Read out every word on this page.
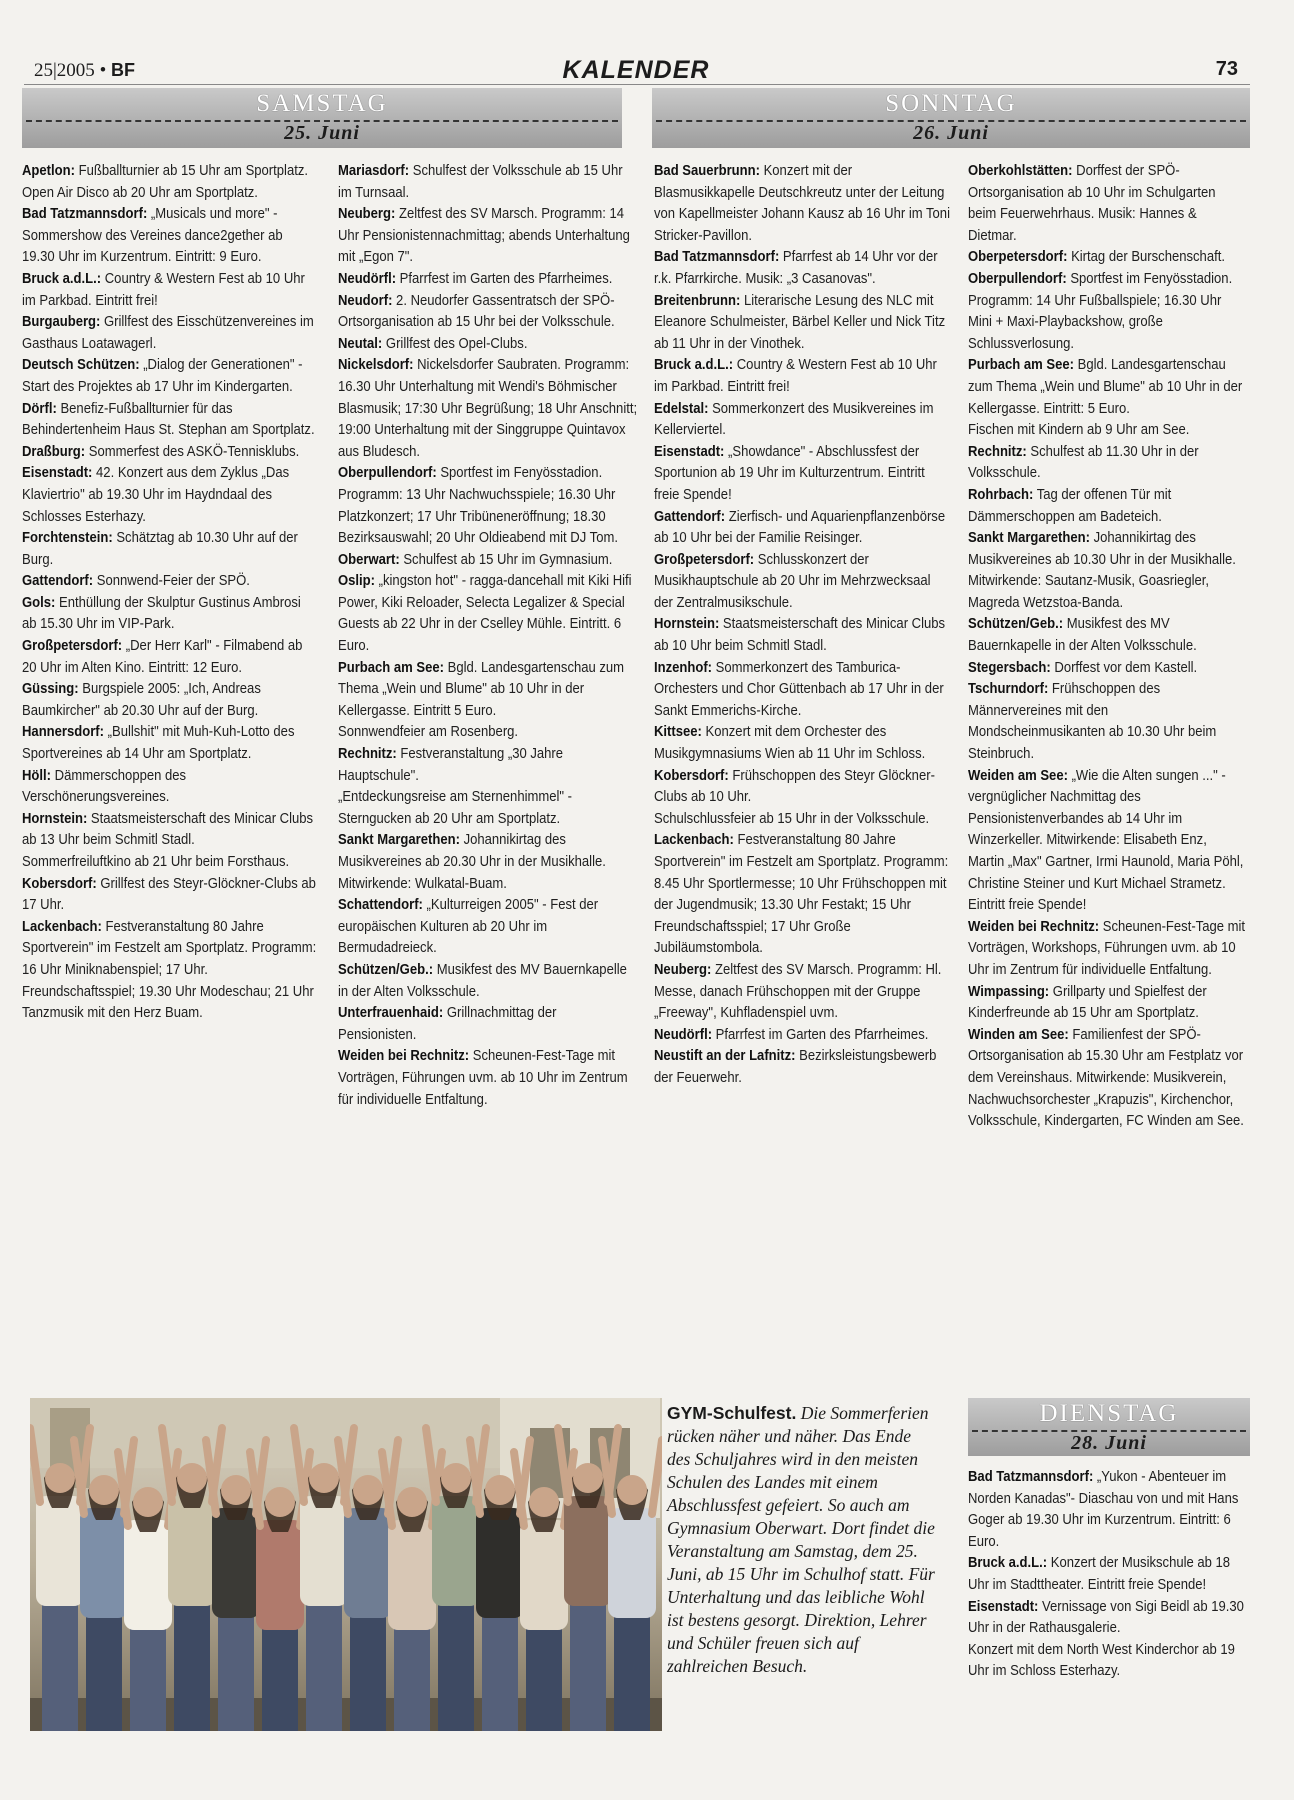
25|2005 • BF	KALENDER	73
SAMSTAG
25. Juni
SONNTAG
26. Juni

Apetlon: Fußballturnier ab 15 Uhr am Sportplatz.

Open Air Disco ab 20 Uhr am Sportplatz.

Bad Tatzmannsdorf: „Musicals und more" - Sommershow des Vereines dance2gether ab 19.30 Uhr im Kurzentrum. Eintritt: 9 Euro.

Bruck a.d.L.: Country & Western Fest ab 10 Uhr im Parkbad. Eintritt frei!

Burgauberg: Grillfest des Eisschützenvereines im Gasthaus Loatawagerl.

Deutsch Schützen: „Dialog der Generationen" - Start des Projektes ab 17 Uhr im Kindergarten.

Dörfl: Benefiz-Fußballturnier für das Behindertenheim Haus St. Stephan am Sportplatz.

Draßburg: Sommerfest des ASKÖ-Tennisklubs.

Eisenstadt: 42. Konzert aus dem Zyklus „Das Klaviertrio" ab 19.30 Uhr im Haydndaal des Schlosses Esterhazy.

Forchtenstein: Schätztag ab 10.30 Uhr auf der Burg.

Gattendorf: Sonnwend-Feier der SPÖ.

Gols: Enthüllung der Skulptur Gustinus Ambrosi ab 15.30 Uhr im VIP-Park.

Großpetersdorf: „Der Herr Karl" - Filmabend ab 20 Uhr im Alten Kino. Eintritt: 12 Euro.

Güssing: Burgspiele 2005: „Ich, Andreas Baumkircher" ab 20.30 Uhr auf der Burg.

Hannersdorf: „Bullshit" mit Muh-Kuh-Lotto des Sportvereines ab 14 Uhr am Sportplatz.

Höll: Dämmerschoppen des Verschönerungsvereines.

Hornstein: Staatsmeisterschaft des Minicar Clubs ab 13 Uhr beim Schmitl Stadl.

Sommerfreiluftkino ab 21 Uhr beim Forsthaus.

Kobersdorf: Grillfest des Steyr-Glöckner-Clubs ab 17 Uhr.

Lackenbach: Festveranstaltung 80 Jahre Sportverein" im Festzelt am Sportplatz. Programm: 16 Uhr Miniknabenspiel; 17 Uhr. Freundschaftsspiel; 19.30 Uhr Modeschau; 21 Uhr Tanzmusik mit den Herz Buam.

Mariasdorf: Schulfest der Volksschule ab 15 Uhr im Turnsaal.

Neuberg: Zeltfest des SV Marsch. Programm: 14 Uhr Pensionistennachmittag; abends Unterhaltung mit „Egon 7".

Neudörfl: Pfarrfest im Garten des Pfarrheimes.

Neudorf: 2. Neudorfer Gassentratsch der SPÖ-Ortsorganisation ab 15 Uhr bei der Volksschule.

Neutal: Grillfest des Opel-Clubs.

Nickelsdorf: Nickelsdorfer Saubraten. Programm: 16.30 Uhr Unterhaltung mit Wendi's Böhmischer Blasmusik; 17:30 Uhr Begrüßung; 18 Uhr Anschnitt; 19:00 Unterhaltung mit der Singgruppe Quintavox aus Bludesch.

Oberpullendorf: Sportfest im Fenyösstadion. Programm: 13 Uhr Nachwuchsspiele; 16.30 Uhr Platzkonzert; 17 Uhr Tribüneneröffnung; 18.30 Bezirksauswahl; 20 Uhr Oldieabend mit DJ Tom.

Oberwart: Schulfest ab 15 Uhr im Gymnasium.

Oslip: „kingston hot" - ragga-dancehall mit Kiki Hifi Power, Kiki Reloader, Selecta Legalizer & Special Guests ab 22 Uhr in der Cselley Mühle. Eintritt. 6 Euro.

Purbach am See: Bgld. Landesgartenschau zum Thema „Wein und Blume" ab 10 Uhr in der Kellergasse. Eintritt 5 Euro.

Sonnwendfeier am Rosenberg.

Rechnitz: Festveranstaltung „30 Jahre Hauptschule".

„Entdeckungsreise am Sternenhimmel" - Sterngucken ab 20 Uhr am Sportplatz.

Sankt Margarethen: Johannikirtag des Musikvereines ab 20.30 Uhr in der Musikhalle. Mitwirkende: Wulkatal-Buam.

Schattendorf: „Kulturreigen 2005" - Fest der europäischen Kulturen ab 20 Uhr im Bermudadreieck.

Schützen/Geb.: Musikfest des MV Bauernkapelle in der Alten Volksschule.

Unterfrauenhaid: Grillnachmittag der Pensionisten.

Weiden bei Rechnitz: Scheunen-Fest-Tage mit Vorträgen, Führungen uvm. ab 10 Uhr im Zentrum für individuelle Entfaltung.

Bad Sauerbrunn: Konzert mit der Blasmusikkapelle Deutschkreutz unter der Leitung von Kapellmeister Johann Kausz ab 16 Uhr im Toni Stricker-Pavillon.

Bad Tatzmannsdorf: Pfarrfest ab 14 Uhr vor der r.k. Pfarrkirche. Musik: „3 Casanovas".

Breitenbrunn: Literarische Lesung des NLC mit Eleanore Schulmeister, Bärbel Keller und Nick Titz ab 11 Uhr in der Vinothek.

Bruck a.d.L.: Country & Western Fest ab 10 Uhr im Parkbad. Eintritt frei!

Edelstal: Sommerkonzert des Musikvereines im Kellerviertel.

Eisenstadt: „Showdance" - Abschlussfest der Sportunion ab 19 Uhr im Kulturzentrum. Eintritt freie Spende!

Gattendorf: Zierfisch- und Aquarienpflanzenbörse ab 10 Uhr bei der Familie Reisinger.

Großpetersdorf: Schlusskonzert der Musikhauptschule ab 20 Uhr im Mehrzwecksaal der Zentralmusikschule.

Hornstein: Staatsmeisterschaft des Minicar Clubs ab 10 Uhr beim Schmitl Stadl.

Inzenhof: Sommerkonzert des Tamburica-Orchesters und Chor Güttenbach ab 17 Uhr in der Sankt Emmerichs-Kirche.

Kittsee: Konzert mit dem Orchester des Musikgymnasiums Wien ab 11 Uhr im Schloss.

Kobersdorf: Frühschoppen des Steyr Glöckner-Clubs ab 10 Uhr.

Schulschlussfeier ab 15 Uhr in der Volksschule.

Lackenbach: Festveranstaltung 80 Jahre Sportverein" im Festzelt am Sportplatz. Programm: 8.45 Uhr Sportlermesse; 10 Uhr Frühschoppen mit der Jugendmusik; 13.30 Uhr Festakt; 15 Uhr Freundschaftsspiel; 17 Uhr Große Jubiläumstombola.

Neuberg: Zeltfest des SV Marsch. Programm: Hl. Messe, danach Frühschoppen mit der Gruppe „Freeway", Kuhfladenspiel uvm.

Neudörfl: Pfarrfest im Garten des Pfarrheimes.

Neustift an der Lafnitz: Bezirksleistungsbewerb der Feuerwehr.

Oberkohlstätten: Dorffest der SPÖ-Ortsorganisation ab 10 Uhr im Schulgarten beim Feuerwehrhaus. Musik: Hannes & Dietmar.

Oberpetersdorf: Kirtag der Burschenschaft.

Oberpullendorf: Sportfest im Fenyösstadion. Programm: 14 Uhr Fußballspiele; 16.30 Uhr Mini + Maxi-Playbackshow, große Schlussverlosung.

Purbach am See: Bgld. Landesgartenschau zum Thema „Wein und Blume" ab 10 Uhr in der Kellergasse. Eintritt: 5 Euro.

Fischen mit Kindern ab 9 Uhr am See.

Rechnitz: Schulfest ab 11.30 Uhr in der Volksschule.

Rohrbach: Tag der offenen Tür mit Dämmerschoppen am Badeteich.

Sankt Margarethen: Johannikirtag des Musikvereines ab 10.30 Uhr in der Musikhalle. Mitwirkende: Sautanz-Musik, Goasriegler, Magreda Wetzstoa-Banda.

Schützen/Geb.: Musikfest des MV Bauernkapelle in der Alten Volksschule.

Stegersbach: Dorffest vor dem Kastell.

Tschurndorf: Frühschoppen des Männervereines mit den Mondscheinmusikanten ab 10.30 Uhr beim Steinbruch.

Weiden am See: „Wie die Alten sungen ..." - vergnüglicher Nachmittag des Pensionistenverbandes ab 14 Uhr im Winzerkeller. Mitwirkende: Elisabeth Enz, Martin „Max" Gartner, Irmi Haunold, Maria Pöhl, Christine Steiner und Kurt Michael Strametz. Eintritt freie Spende!

Weiden bei Rechnitz: Scheunen-Fest-Tage mit Vorträgen, Workshops, Führungen uvm. ab 10 Uhr im Zentrum für individuelle Entfaltung.

Wimpassing: Grillparty und Spielfest der Kinderfreunde ab 15 Uhr am Sportplatz.

Winden am See: Familienfest der SPÖ-Ortsorganisation ab 15.30 Uhr am Festplatz vor dem Vereinshaus. Mitwirkende: Musikverein, Nachwuchsorchester „Krapuzis", Kirchenchor, Volksschule, Kindergarten, FC Winden am See.

GYM-Schulfest. Die Sommerferien rücken näher und näher. Das Ende des Schuljahres wird in den meisten Schulen des Landes mit einem Abschlussfest gefeiert. So auch am Gymnasium Oberwart. Dort findet die Veranstaltung am Samstag, dem 25. Juni, ab 15 Uhr im Schulhof statt. Für Unterhaltung und das leibliche Wohl ist bestens gesorgt. Direktion, Lehrer und Schüler freuen sich auf zahlreichen Besuch.
DIENSTAG
28. Juni

Bad Tatzmannsdorf: „Yukon - Abenteuer im Norden Kanadas"- Diaschau von und mit Hans Goger ab 19.30 Uhr im Kurzentrum. Eintritt: 6 Euro.

Bruck a.d.L.: Konzert der Musikschule ab 18 Uhr im Stadttheater. Eintritt freie Spende!

Eisenstadt: Vernissage von Sigi Beidl ab 19.30 Uhr in der Rathausgalerie.

Konzert mit dem North West Kinderchor ab 19 Uhr im Schloss Esterhazy.
